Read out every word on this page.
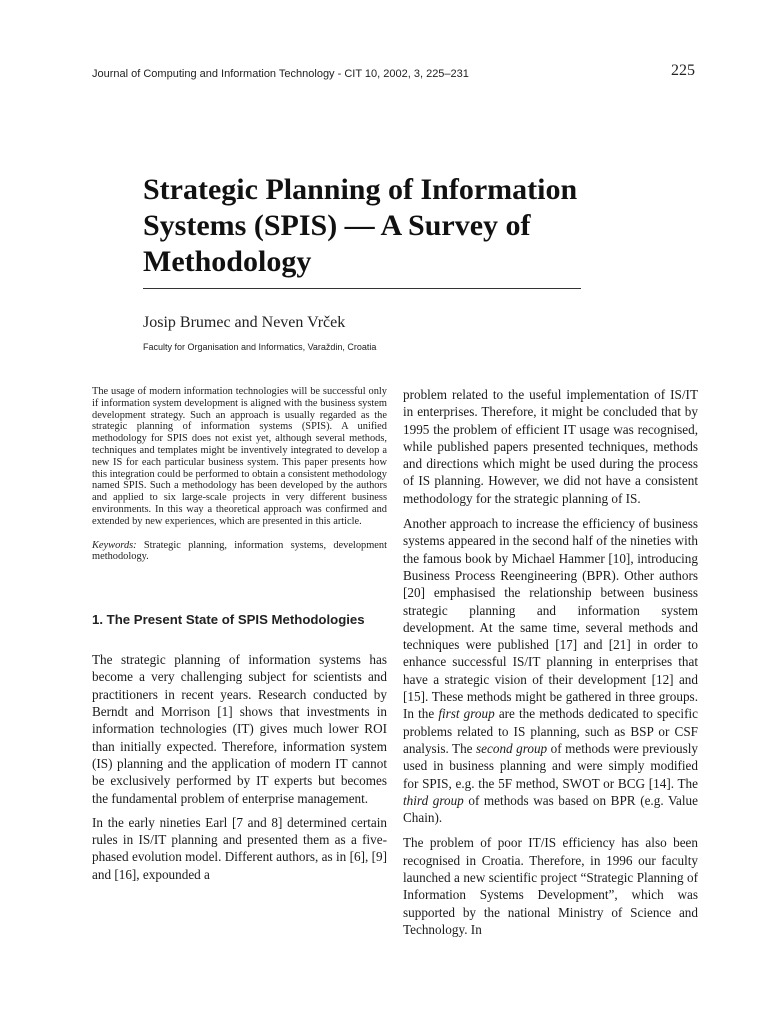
Journal of Computing and Information Technology - CIT 10, 2002, 3, 225–231	225
Strategic Planning of Information Systems (SPIS) — A Survey of Methodology
Josip Brumec and Neven Vrček
Faculty for Organisation and Informatics, Varaždin, Croatia

The usage of modern information technologies will be successful only if information system development is aligned with the business system development strategy. Such an approach is usually regarded as the strategic planning of information systems (SPIS). A unified methodology for SPIS does not exist yet, although several methods, techniques and templates might be inventively integrated to develop a new IS for each particular business system. This paper presents how this integration could be performed to obtain a consistent methodology named SPIS. Such a methodology has been developed by the authors and applied to six large-scale projects in very different business environments. In this way a theoretical approach was confirmed and extended by new experiences, which are presented in this article.

Keywords: Strategic planning, information systems, development methodology.

1. The Present State of SPIS Methodologies

The strategic planning of information systems has become a very challenging subject for scientists and practitioners in recent years. Research conducted by Berndt and Morrison [1] shows that investments in information technologies (IT) gives much lower ROI than initially expected. Therefore, information system (IS) planning and the application of modern IT cannot be exclusively performed by IT experts but becomes the fundamental problem of enterprise management.

In the early nineties Earl [7 and 8] determined certain rules in IS/IT planning and presented them as a five-phased evolution model. Different authors, as in [6], [9] and [16], expounded a

problem related to the useful implementation of IS/IT in enterprises. Therefore, it might be concluded that by 1995 the problem of efficient IT usage was recognised, while published papers presented techniques, methods and directions which might be used during the process of IS planning. However, we did not have a consistent methodology for the strategic planning of IS.

Another approach to increase the efficiency of business systems appeared in the second half of the nineties with the famous book by Michael Hammer [10], introducing Business Process Reengineering (BPR). Other authors [20] emphasised the relationship between business strategic planning and information system development. At the same time, several methods and techniques were published [17] and [21] in order to enhance successful IS/IT planning in enterprises that have a strategic vision of their development [12] and [15]. These methods might be gathered in three groups. In the first group are the methods dedicated to specific problems related to IS planning, such as BSP or CSF analysis. The second group of methods were previously used in business planning and were simply modified for SPIS, e.g. the 5F method, SWOT or BCG [14]. The third group of methods was based on BPR (e.g. Value Chain).

The problem of poor IT/IS efficiency has also been recognised in Croatia. Therefore, in 1996 our faculty launched a new scientific project “Strategic Planning of Information Systems Development”, which was supported by the national Ministry of Science and Technology. In
